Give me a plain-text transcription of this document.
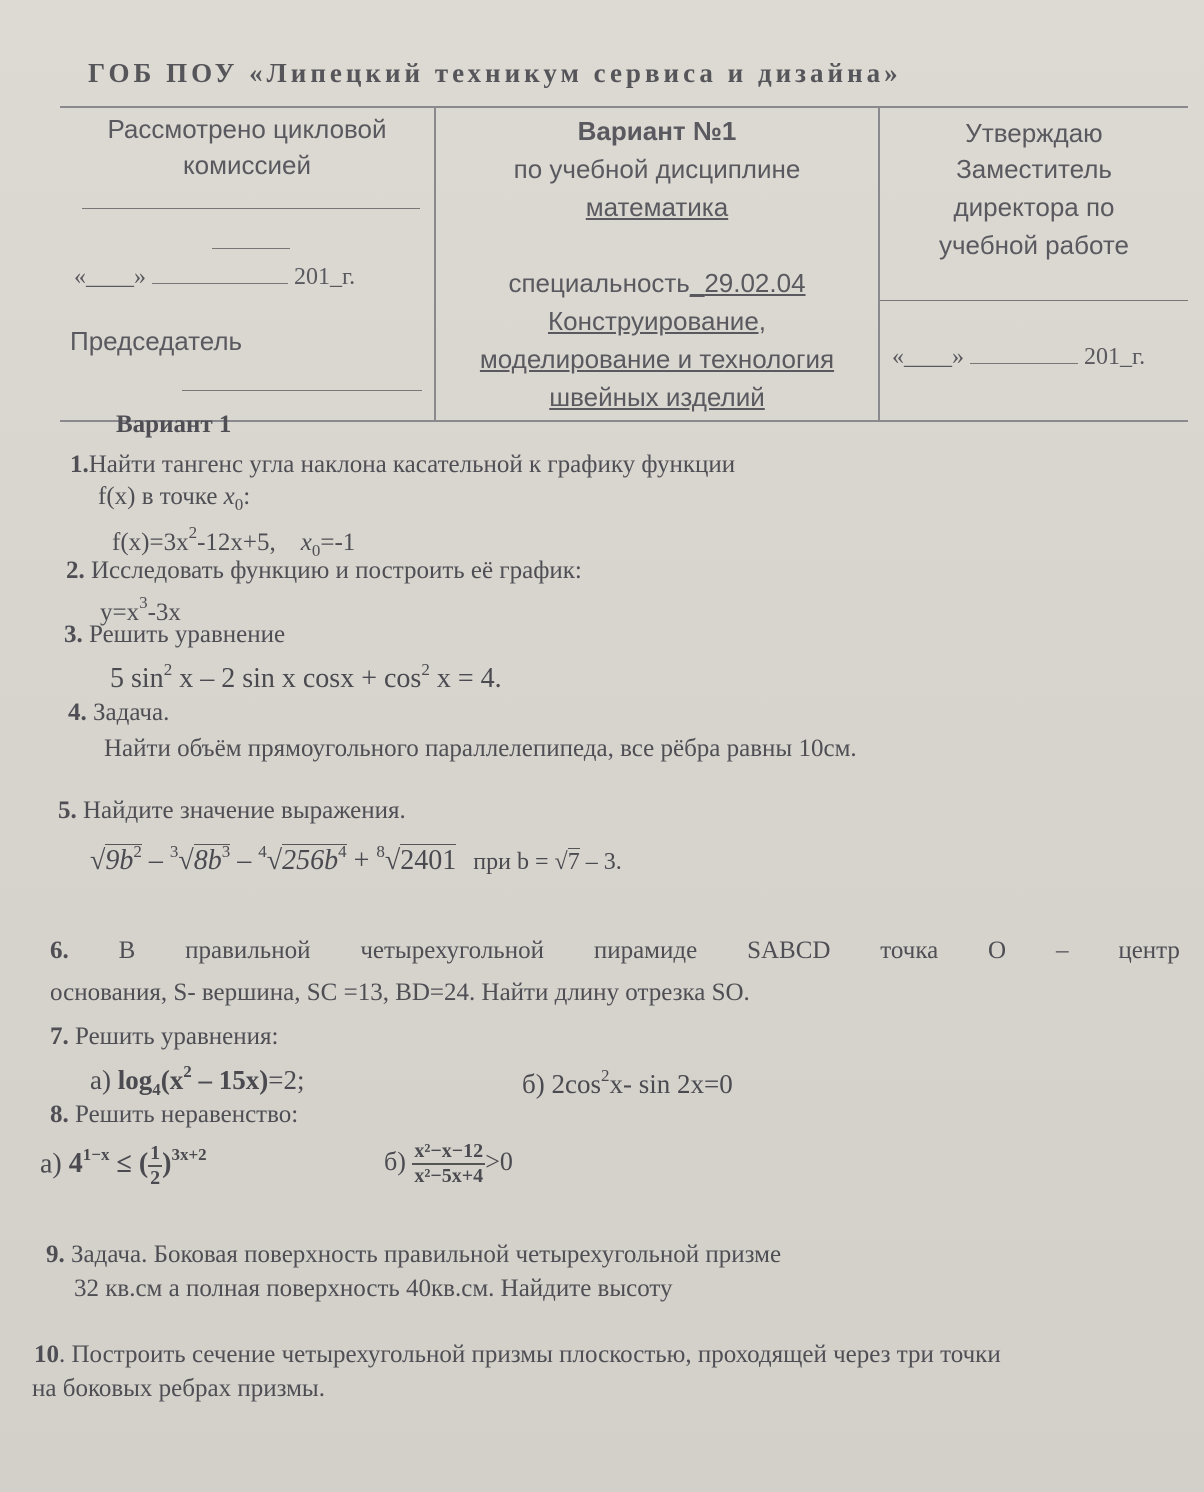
ГОБ ПОУ «Липецкий техникум сервиса и дизайна»
Рассмотрено цикловой
комиссией
«____»	201_г.
Председатель
Вариант №1
по учебной дисциплине
математика
специальность_29.02.04
Конструирование,
моделирование и технология
швейных изделий
Утверждаю
Заместитель
директора по
учебной работе
«____»	201_г.
Вариант 1
1.Найти тангенс угла наклона касательной к графику функции
f(x) в точке $x_0$:
$f(x)=3x^2-12x+5$, $x_0=-1$
2. Исследовать функцию и построить её график:
$y=x^3-3x$
3. Решить уравнение
5 $\sin^2 x - 2$ sin x $\cos x + \cos^2 x = 4$.
4. Задача.
Найти объём прямоугольного параллелепипеда, все рёбра равны 10см.
5. Найдите значение выражения.
$√9b^2 - ^3√8b^3 - ^4√256b^4 + ^8√2401$ при b = √7 – 3.
6. В правильной четырехугольной пирамиде SABCD точка O – центр
основания, S- вершина, SC =13, BD=24. Найти длину отрезка SO.
7. Решить уравнения:
а) $\log_4(x^2 - 15x)=2$;	б) $2\cos^2x-$ sin 2x=0
8. Решить неравенство:
а) $4^{1-x}$ ≤ ( $\frac{1}{2} )^{3x+2}$	$б) \frac{\text{x²−x−12}}{\text{x²−5x+4}} >0$
9. Задача. Боковая поверхность правильной четырехугольной призме
32 кв.см а полная поверхность 40кв.см. Найдите высоту
10. Построить сечение четырехугольной призмы плоскостью, проходящей через три точки
на боковых ребрах призмы.
